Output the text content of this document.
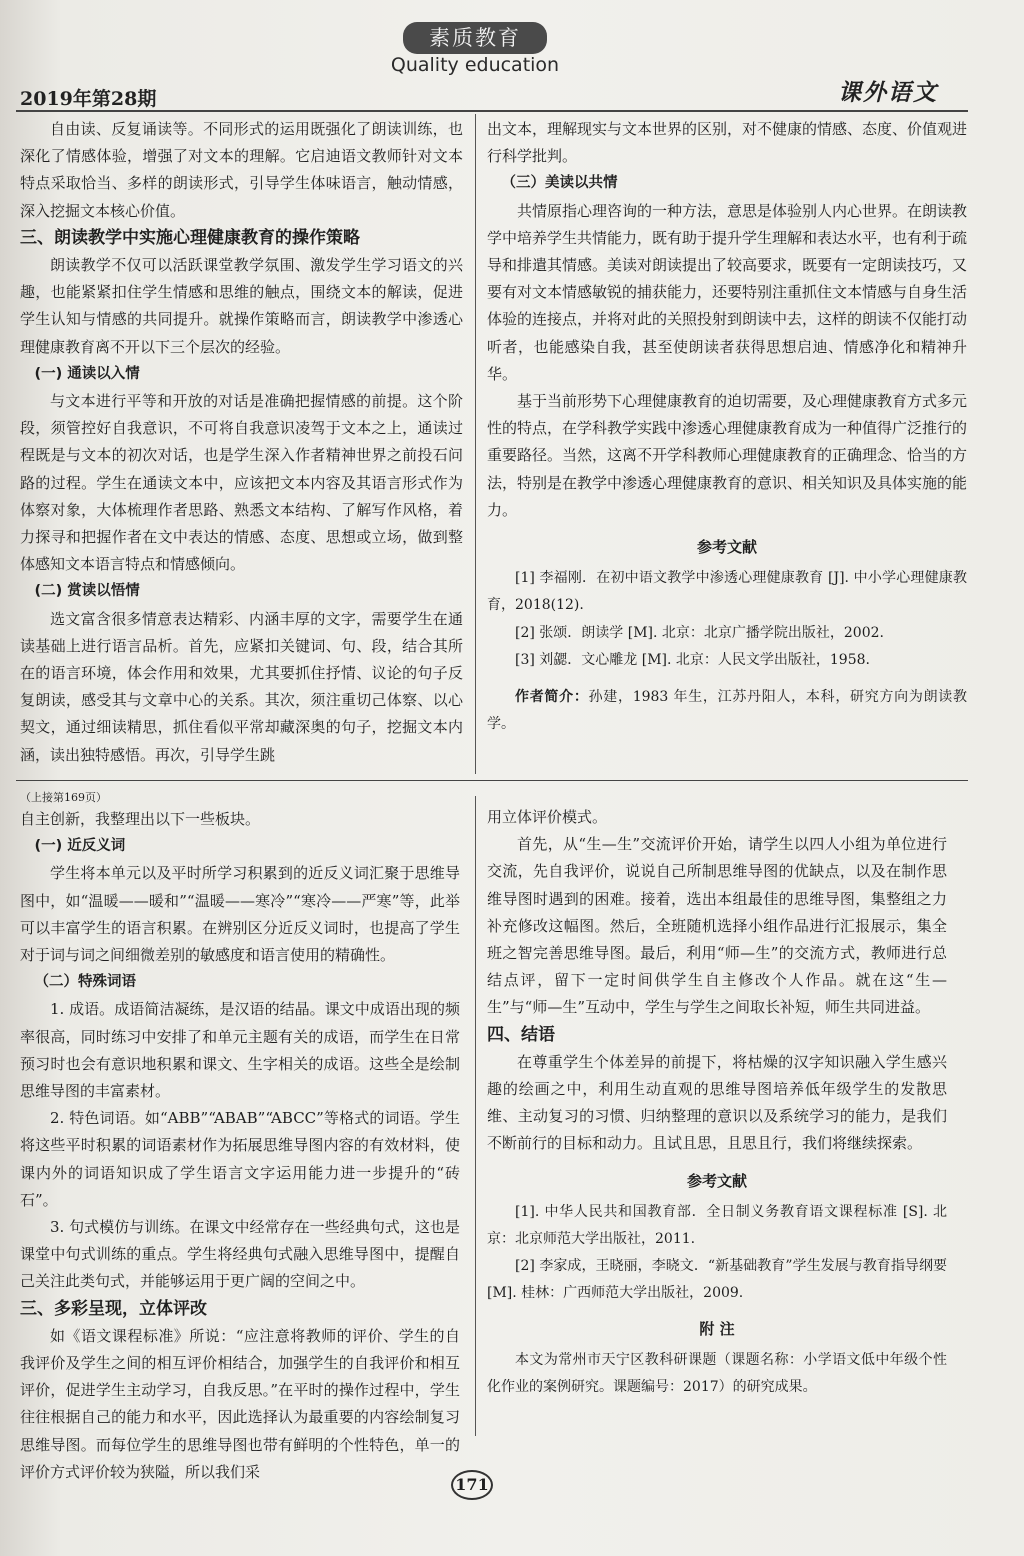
素质教育
Quality education
2019年第28期	课外语文

自由读、反复诵读等。不同形式的运用既强化了朗读训练，也深化了情感体验，增强了对文本的理解。它启迪语文教师针对文本特点采取恰当、多样的朗读形式，引导学生体味语言，触动情感，深入挖掘文本核心价值。

三、朗读教学中实施心理健康教育的操作策略

朗读教学不仅可以活跃课堂教学氛围、激发学生学习语文的兴趣，也能紧紧扣住学生情感和思维的触点，围绕文本的解读，促进学生认知与情感的共同提升。就操作策略而言，朗读教学中渗透心理健康教育离不开以下三个层次的经验。

(一) 通读以入情

与文本进行平等和开放的对话是准确把握情感的前提。这个阶段，须管控好自我意识，不可将自我意识凌驾于文本之上，通读过程既是与文本的初次对话，也是学生深入作者精神世界之前投石问路的过程。学生在通读文本中，应该把文本内容及其语言形式作为体察对象，大体梳理作者思路、熟悉文本结构、了解写作风格，着力探寻和把握作者在文中表达的情感、态度、思想或立场，做到整体感知文本语言特点和情感倾向。

(二) 赏读以悟情

选文富含很多情意表达精彩、内涵丰厚的文字，需要学生在通读基础上进行语言品析。首先，应紧扣关键词、句、段，结合其所在的语言环境，体会作用和效果，尤其要抓住抒情、议论的句子反复朗读，感受其与文章中心的关系。其次，须注重切己体察、以心契文，通过细读精思，抓住看似平常却藏深奥的句子，挖掘文本内涵，读出独特感悟。再次，引导学生跳

出文本，理解现实与文本世界的区别，对不健康的情感、态度、价值观进行科学批判。

（三）美读以共情

共情原指心理咨询的一种方法，意思是体验别人内心世界。在朗读教学中培养学生共情能力，既有助于提升学生理解和表达水平，也有利于疏导和排遣其情感。美读对朗读提出了较高要求，既要有一定朗读技巧，又要有对文本情感敏锐的捕获能力，还要特别注重抓住文本情感与自身生活体验的连接点，并将对此的关照投射到朗读中去，这样的朗读不仅能打动听者，也能感染自我，甚至使朗读者获得思想启迪、情感净化和精神升华。

基于当前形势下心理健康教育的迫切需要，及心理健康教育方式多元性的特点，在学科教学实践中渗透心理健康教育成为一种值得广泛推行的重要路径。当然，这离不开学科教师心理健康教育的正确理念、恰当的方法，特别是在教学中渗透心理健康教育的意识、相关知识及具体实施的能力。

参考文献

[1] 李福刚．在初中语文教学中渗透心理健康教育 [J]. 中小学心理健康教育，2018(12).

[2] 张颂．朗读学 [M]. 北京：北京广播学院出版社，2002.

[3] 刘勰．文心雕龙 [M]. 北京：人民文学出版社，1958.

作者简介：孙建，1983 年生，江苏丹阳人，本科，研究方向为朗读教学。

（上接第169页）

自主创新，我整理出以下一些板块。

(一) 近反义词

学生将本单元以及平时所学习积累到的近反义词汇聚于思维导图中，如“温暖——暖和”“温暖——寒冷”“寒冷——严寒”等，此举可以丰富学生的语言积累。在辨别区分近反义词时，也提高了学生对于词与词之间细微差别的敏感度和语言使用的精确性。

（二）特殊词语

1. 成语。成语简洁凝练，是汉语的结晶。课文中成语出现的频率很高，同时练习中安排了和单元主题有关的成语，而学生在日常预习时也会有意识地积累和课文、生字相关的成语。这些全是绘制思维导图的丰富素材。

2. 特色词语。如“ABB”“ABAB”“ABCC”等格式的词语。学生将这些平时积累的词语素材作为拓展思维导图内容的有效材料，使课内外的词语知识成了学生语言文字运用能力进一步提升的“砖石”。

3. 句式模仿与训练。在课文中经常存在一些经典句式，这也是课堂中句式训练的重点。学生将经典句式融入思维导图中，提醒自己关注此类句式，并能够运用于更广阔的空间之中。

三、多彩呈现，立体评改

如《语文课程标准》所说：“应注意将教师的评价、学生的自我评价及学生之间的相互评价相结合，加强学生的自我评价和相互评价，促进学生主动学习，自我反思。”在平时的操作过程中，学生往往根据自己的能力和水平，因此选择认为最重要的内容绘制复习思维导图。而每位学生的思维导图也带有鲜明的个性特色，单一的评价方式评价较为狭隘，所以我们采

用立体评价模式。

首先，从“生—生”交流评价开始，请学生以四人小组为单位进行交流，先自我评价，说说自己所制思维导图的优缺点，以及在制作思维导图时遇到的困难。接着，选出本组最佳的思维导图，集整组之力补充修改这幅图。然后，全班随机选择小组作品进行汇报展示，集全班之智完善思维导图。最后，利用“师—生”的交流方式，教师进行总结点评，留下一定时间供学生自主修改个人作品。就在这“生—生”与“师—生”互动中，学生与学生之间取长补短，师生共同进益。

四、结语

在尊重学生个体差异的前提下，将枯燥的汉字知识融入学生感兴趣的绘画之中，利用生动直观的思维导图培养低年级学生的发散思维、主动复习的习惯、归纳整理的意识以及系统学习的能力，是我们不断前行的目标和动力。且试且思，且思且行，我们将继续探索。

参考文献

[1]. 中华人民共和国教育部．全日制义务教育语文课程标准 [S]. 北京：北京师范大学出版社，2011.

[2] 李家成，王晓丽，李晓文．“新基础教育”学生发展与教育指导纲要 [M]. 桂林：广西师范大学出版社，2009.

附 注

本文为常州市天宁区教科研课题（课题名称：小学语文低中年级个性化作业的案例研究。课题编号：2017）的研究成果。

171
